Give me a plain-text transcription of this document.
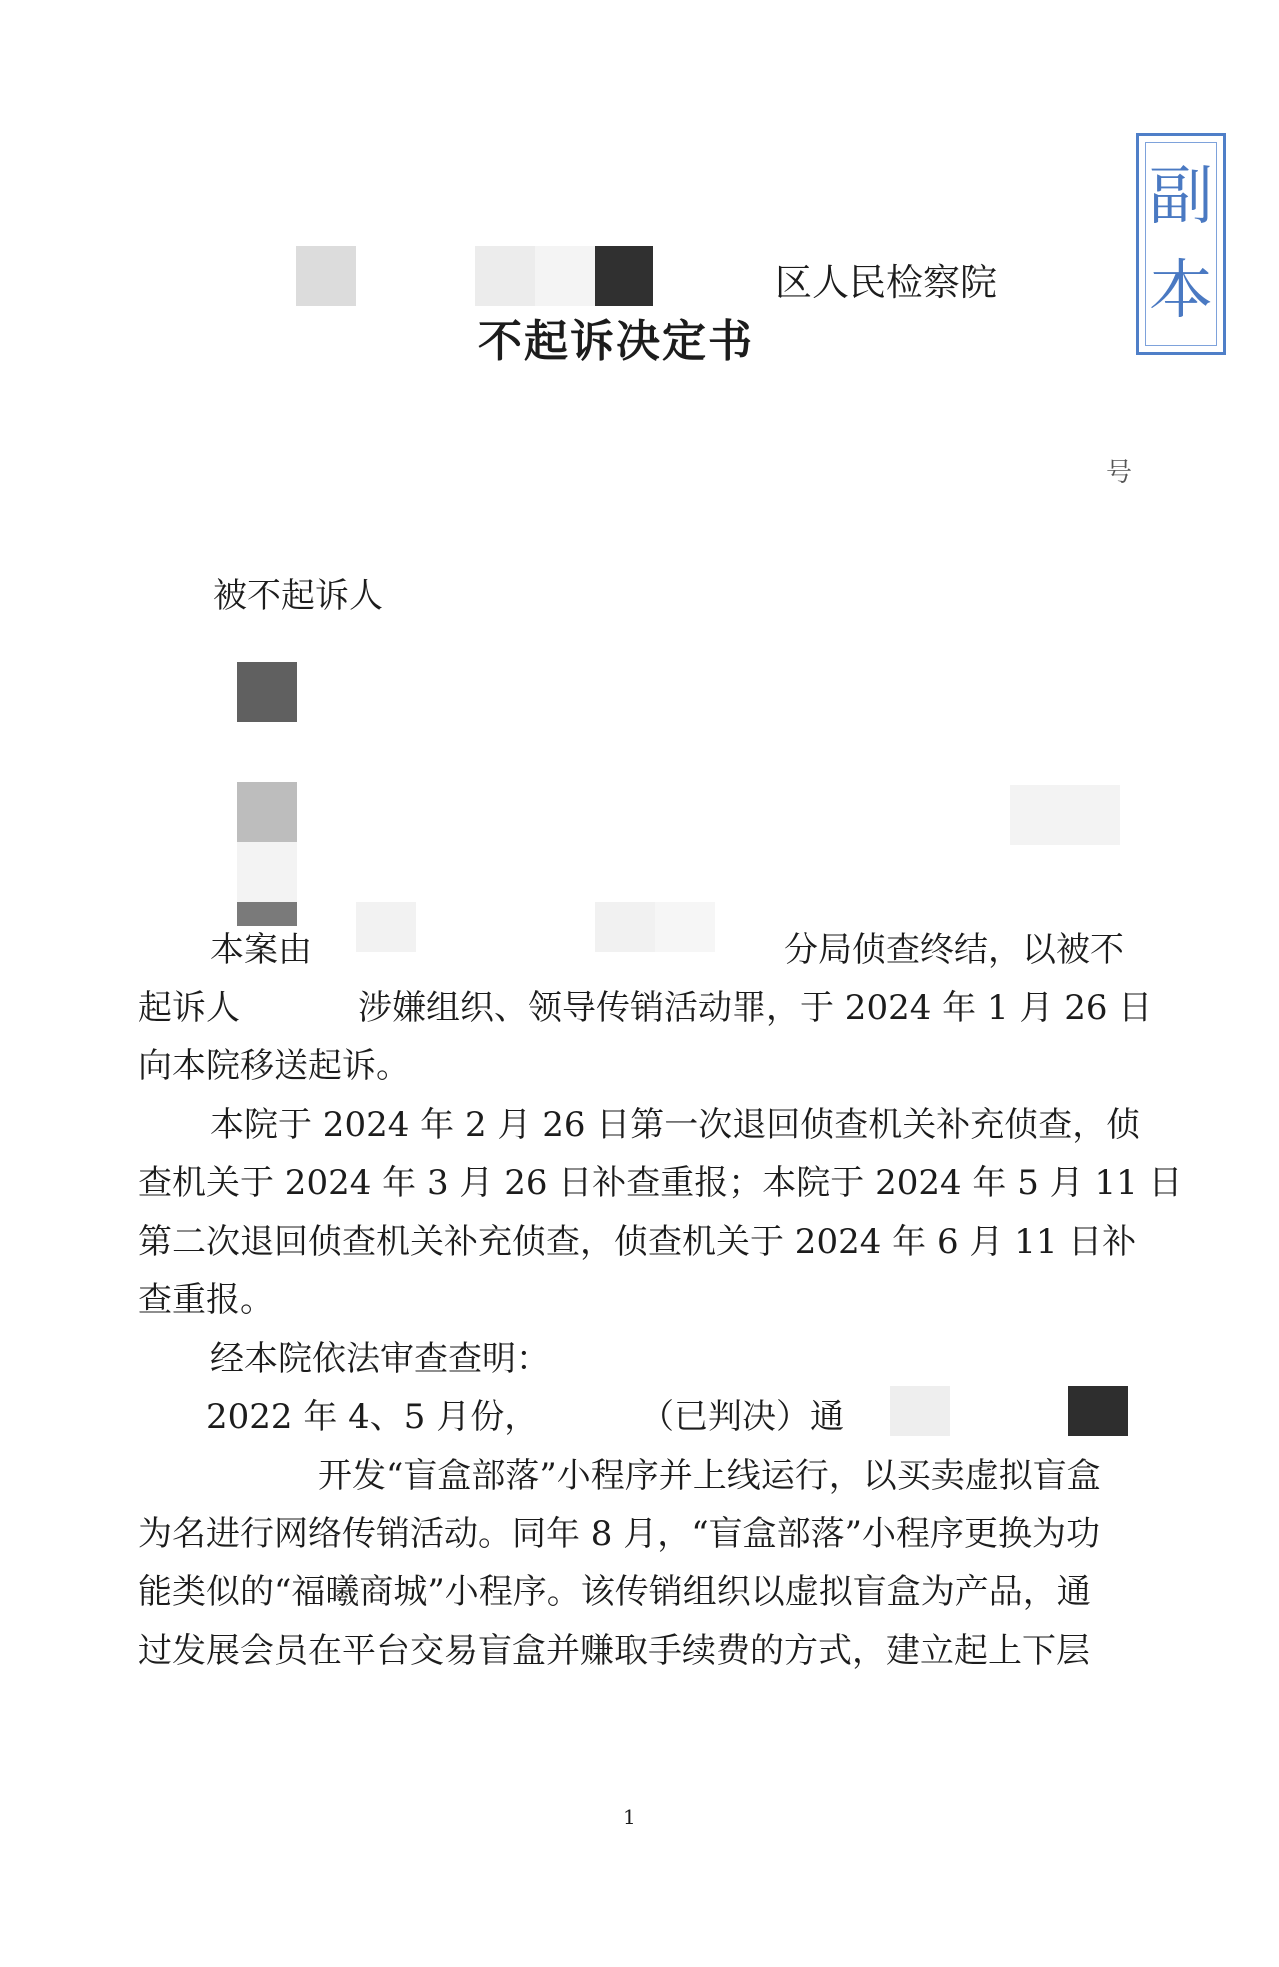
副
本
区人民检察院
不起诉决定书
号
被不起诉人
本案由	分局侦查终结，以被不
起诉人	涉嫌组织、领导传销活动罪，于 2024 年 1 月 26 日
向本院移送起诉。
本院于 2024 年 2 月 26 日第一次退回侦查机关补充侦查，侦
查机关于 2024 年 3 月 26 日补查重报；本院于 2024 年 5 月 11 日
第二次退回侦查机关补充侦查，侦查机关于 2024 年 6 月 11 日补
查重报。
经本院依法审查查明：
2022 年 4、5 月份，	（已判决）通
开发“盲盒部落”小程序并上线运行，以买卖虚拟盲盒
为名进行网络传销活动。同年 8 月，“盲盒部落”小程序更换为功
能类似的“福曦商城”小程序。该传销组织以虚拟盲盒为产品，通
过发展会员在平台交易盲盒并赚取手续费的方式，建立起上下层
1
